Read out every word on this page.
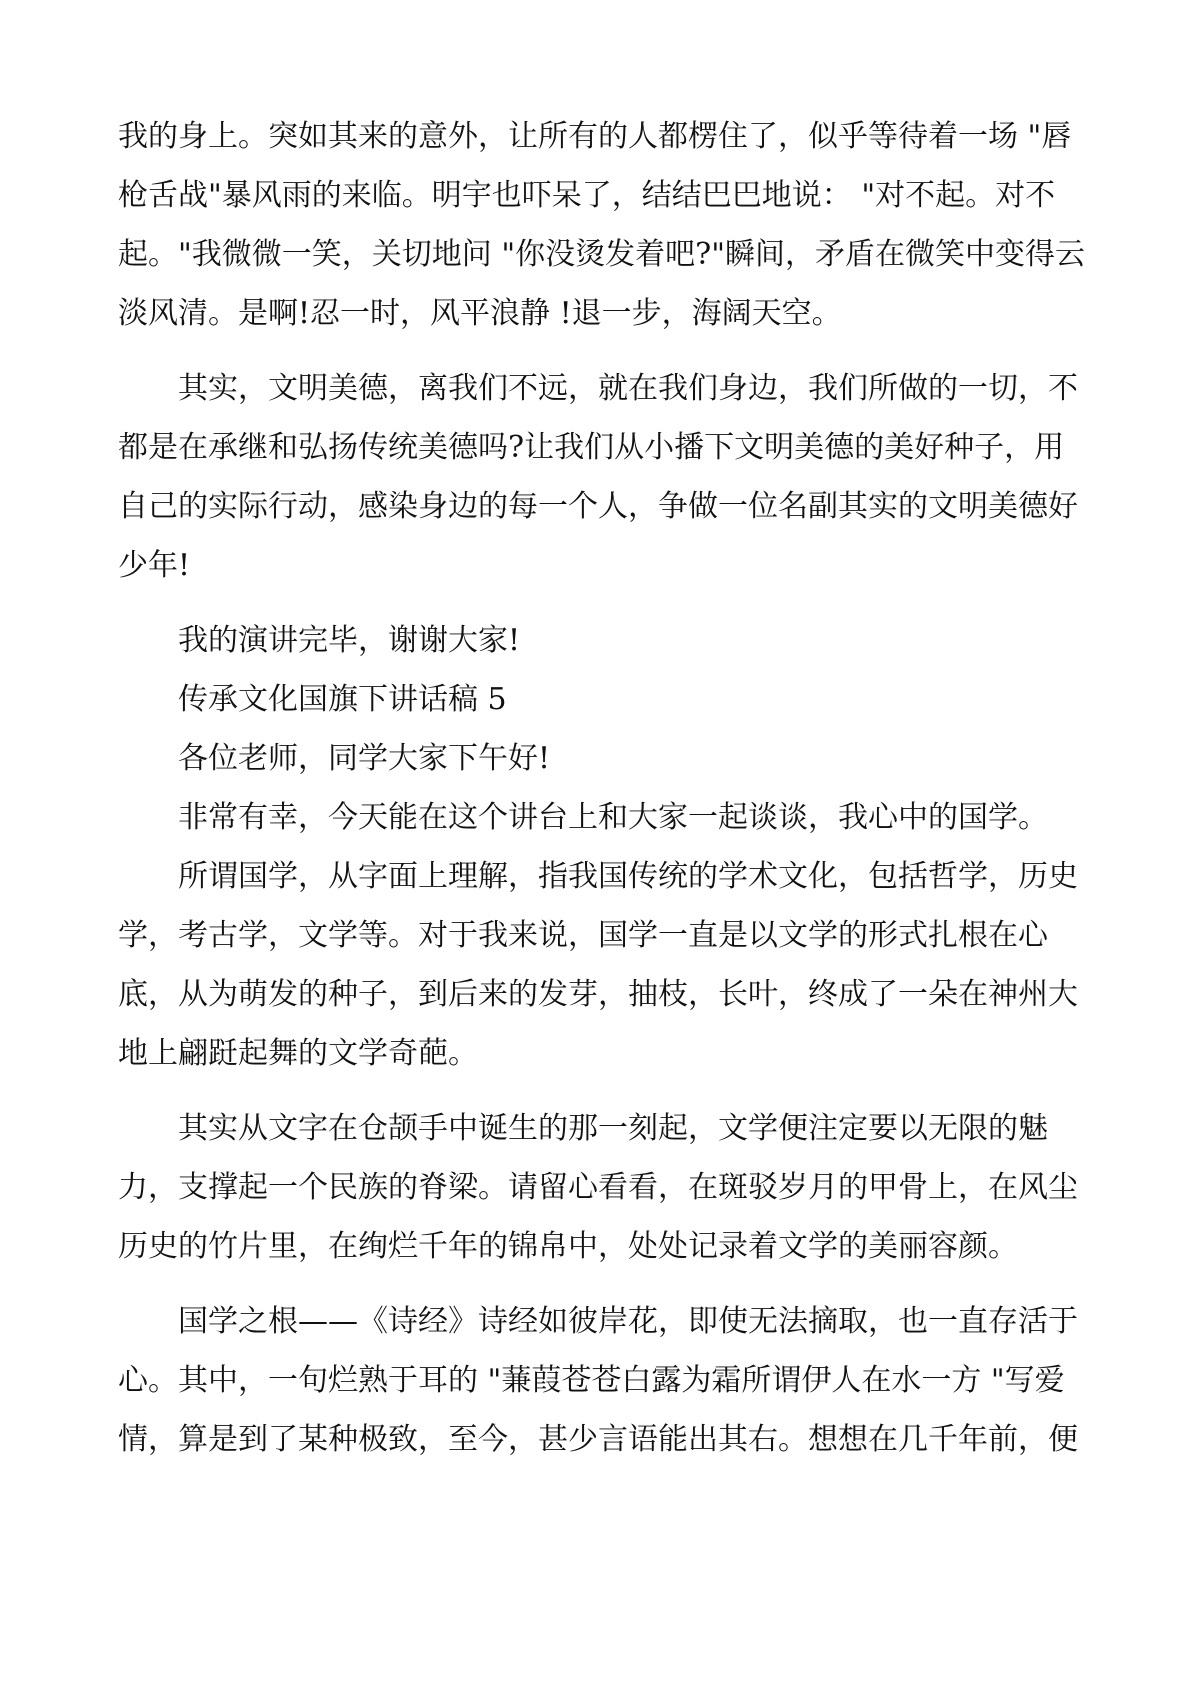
我的身上。突如其来的意外，让所有的人都楞住了，似乎等待着一场 "唇
枪舌战"暴风雨的来临。明宇也吓呆了，结结巴巴地说： "对不起。对不
起。"我微微一笑，关切地问 "你没烫发着吧?"瞬间，矛盾在微笑中变得云
淡风清。是啊!忍一时，风平浪静 !退一步，海阔天空。
其实，文明美德，离我们不远，就在我们身边，我们所做的一切，不
都是在承继和弘扬传统美德吗?让我们从小播下文明美德的美好种子，用
自己的实际行动，感染身边的每一个人，争做一位名副其实的文明美德好
少年!
我的演讲完毕，谢谢大家!
传承文化国旗下讲话稿 5
各位老师，同学大家下午好!
非常有幸，今天能在这个讲台上和大家一起谈谈，我心中的国学。
所谓国学，从字面上理解，指我国传统的学术文化，包括哲学，历史
学，考古学，文学等。对于我来说，国学一直是以文学的形式扎根在心
底，从为萌发的种子，到后来的发芽，抽枝，长叶，终成了一朵在神州大
地上翩跹起舞的文学奇葩。
其实从文字在仓颉手中诞生的那一刻起，文学便注定要以无限的魅
力，支撑起一个民族的脊梁。请留心看看，在斑驳岁月的甲骨上，在风尘
历史的竹片里，在绚烂千年的锦帛中，处处记录着文学的美丽容颜。
国学之根——《诗经》诗经如彼岸花，即使无法摘取，也一直存活于
心。其中，一句烂熟于耳的 "蒹葭苍苍白露为霜所谓伊人在水一方 "写爱
情，算是到了某种极致，至今，甚少言语能出其右。想想在几千年前，便
